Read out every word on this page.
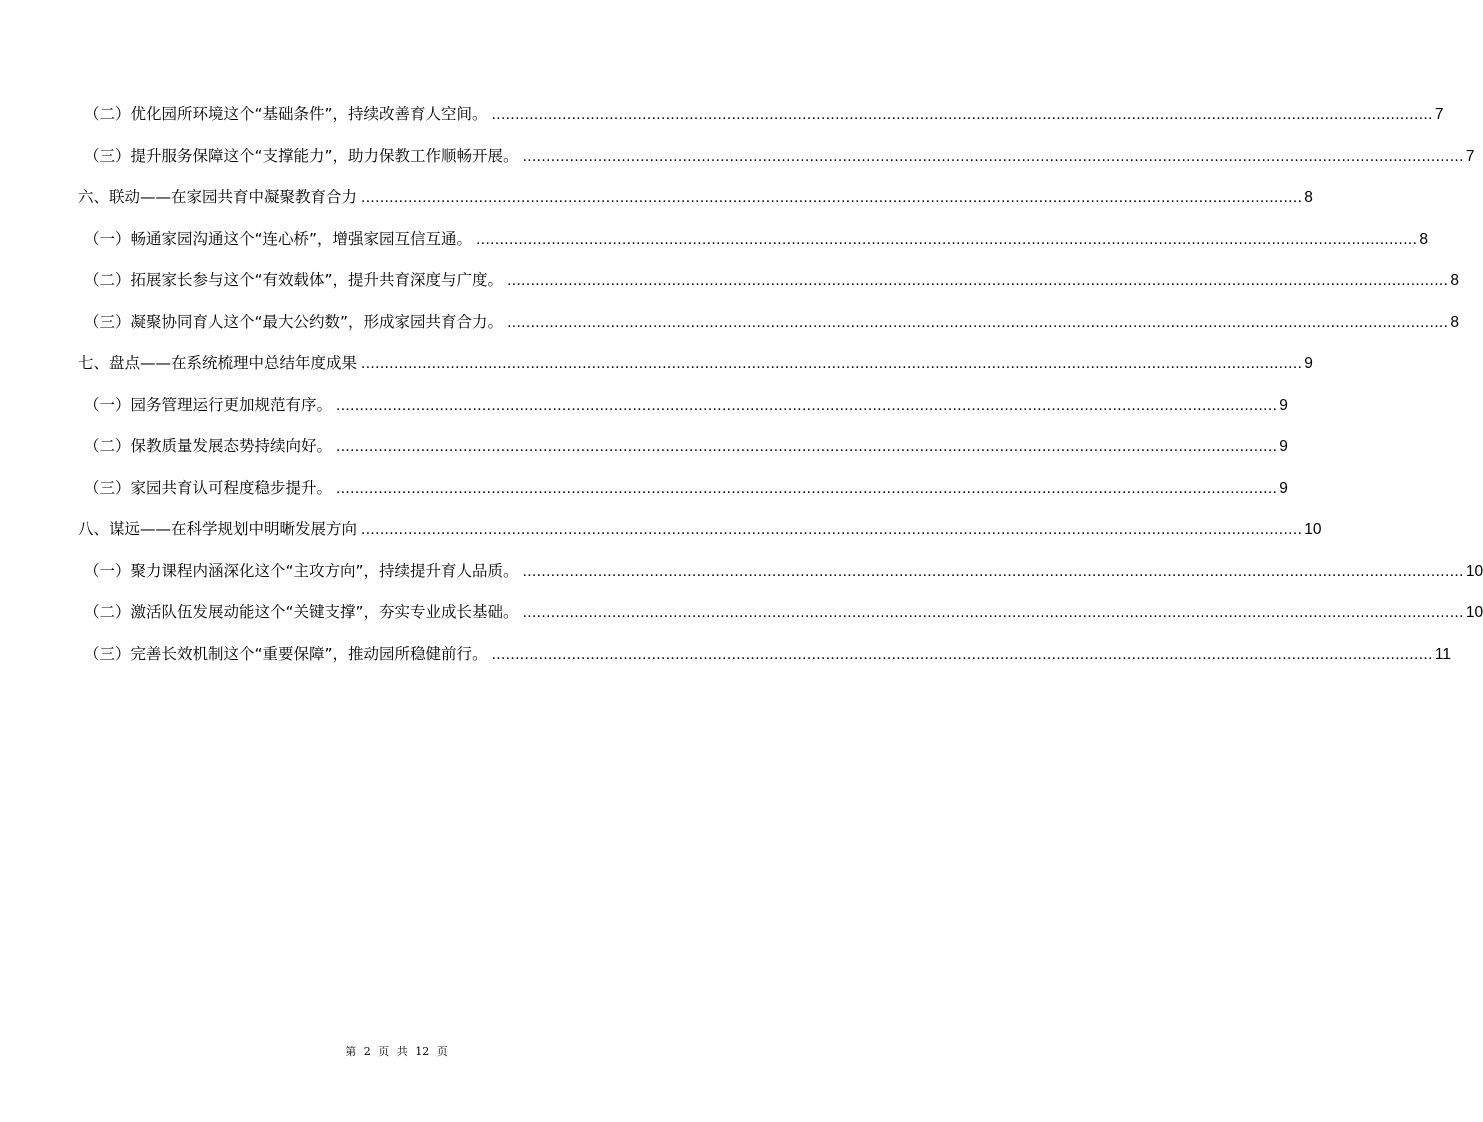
（二）优化园所环境这个“基础条件”，持续改善育人空间。 ........................................................................................................................................................................................................ 7
（三）提升服务保障这个“支撑能力”，助力保教工作顺畅开展。 ........................................................................................................................................................................................................ 7
六、联动——在家园共育中凝聚教育合力 ........................................................................................................................................................................................................ 8
（一）畅通家园沟通这个“连心桥”，增强家园互信互通。 ........................................................................................................................................................................................................ 8
（二）拓展家长参与这个“有效载体”，提升共育深度与广度。 ........................................................................................................................................................................................................ 8
（三）凝聚协同育人这个“最大公约数”，形成家园共育合力。 ........................................................................................................................................................................................................ 8
七、盘点——在系统梳理中总结年度成果 ........................................................................................................................................................................................................ 9
（一）园务管理运行更加规范有序。 ........................................................................................................................................................................................................ 9
（二）保教质量发展态势持续向好。 ........................................................................................................................................................................................................ 9
（三）家园共育认可程度稳步提升。 ........................................................................................................................................................................................................ 9
八、谋远——在科学规划中明晰发展方向 ........................................................................................................................................................................................................ 10
（一）聚力课程内涵深化这个“主攻方向”，持续提升育人品质。 ........................................................................................................................................................................................................ 10
（二）激活队伍发展动能这个“关键支撑”，夯实专业成长基础。 ........................................................................................................................................................................................................ 10
（三）完善长效机制这个“重要保障”，推动园所稳健前行。 ........................................................................................................................................................................................................ 11
第 2 页 共 12 页
